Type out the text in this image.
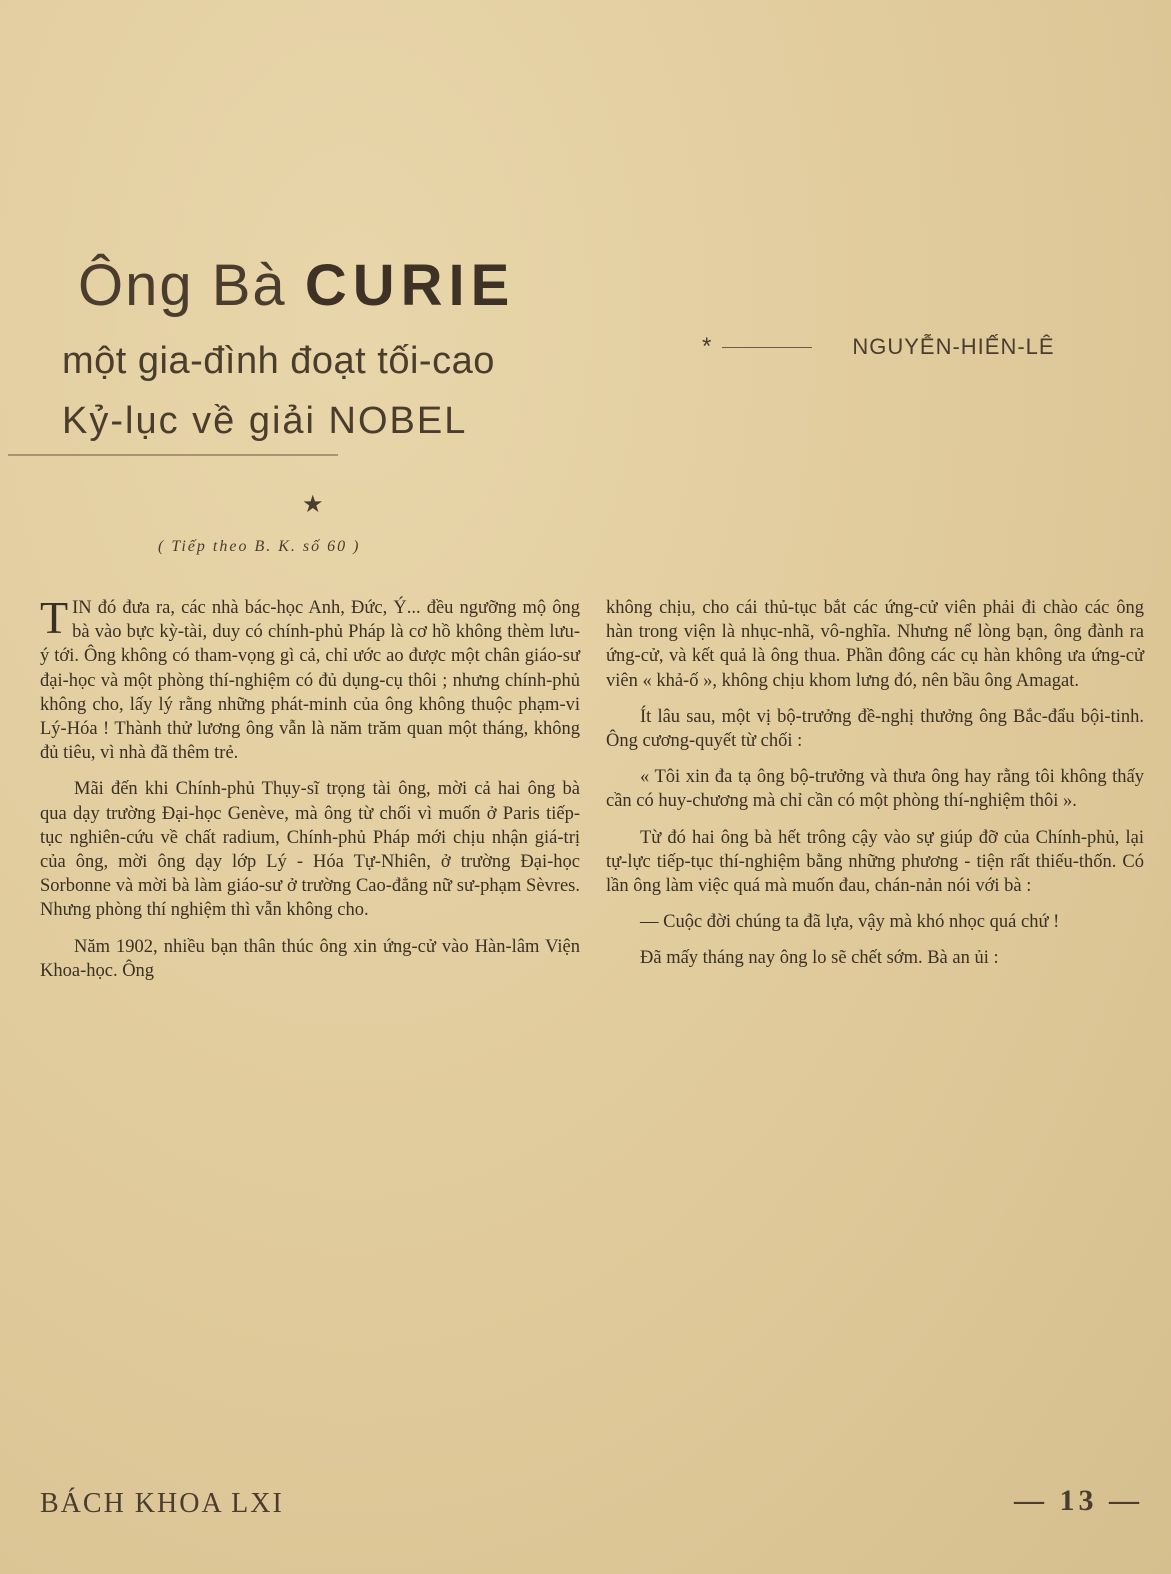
Ông Bà CURIE
một gia-đình đoạt tối-cao
Kỷ-lục về giải NOBEL
*	NGUYỄN-HIẾN-LÊ
★
( Tiếp theo B. K. số 60 )

TIN đó đưa ra, các nhà bác-học Anh, Đức, Ý... đều ngưỡng mộ ông bà vào bực kỳ-tài, duy có chính-phủ Pháp là cơ hồ không thèm lưu-ý tới. Ông không có tham-vọng gì cả, chỉ ước ao được một chân giáo-sư đại-học và một phòng thí-nghiệm có đủ dụng-cụ thôi ; nhưng chính-phủ không cho, lấy lý rằng những phát-minh của ông không thuộc phạm-vi Lý-Hóa ! Thành thử lương ông vẫn là năm trăm quan một tháng, không đủ tiêu, vì nhà đã thêm trẻ.

Mãi đến khi Chính-phủ Thụy-sĩ trọng tài ông, mời cả hai ông bà qua dạy trường Đại-học Genève, mà ông từ chối vì muốn ở Paris tiếp-tục nghiên-cứu về chất radium, Chính-phủ Pháp mới chịu nhận giá-trị của ông, mời ông dạy lớp Lý - Hóa Tự-Nhiên, ở trường Đại-học Sorbonne và mời bà làm giáo-sư ở trường Cao-đẳng nữ sư-phạm Sèvres. Nhưng phòng thí nghiệm thì vẫn không cho.

Năm 1902, nhiều bạn thân thúc ông xin ứng-cử vào Hàn-lâm Viện Khoa-học. Ông

không chịu, cho cái thủ-tục bắt các ứng-cử viên phải đi chào các ông hàn trong viện là nhục-nhã, vô-nghĩa. Nhưng nể lòng bạn, ông đành ra ứng-cử, và kết quả là ông thua. Phần đông các cụ hàn không ưa ứng-cử viên « khả-ố », không chịu khom lưng đó, nên bầu ông Amagat.

Ít lâu sau, một vị bộ-trưởng đề-nghị thưởng ông Bắc-đẩu bội-tinh. Ông cương-quyết từ chối :

« Tôi xin đa tạ ông bộ-trưởng và thưa ông hay rằng tôi không thấy cần có huy-chương mà chỉ cần có một phòng thí-nghiệm thôi ».

Từ đó hai ông bà hết trông cậy vào sự giúp đỡ của Chính-phủ, lại tự-lực tiếp-tục thí-nghiệm bằng những phương - tiện rất thiếu-thốn. Có lần ông làm việc quá mà muốn đau, chán-nản nói với bà :

— Cuộc đời chúng ta đã lựa, vậy mà khó nhọc quá chứ !

Đã mấy tháng nay ông lo sẽ chết sớm. Bà an ủi :

BÁCH KHOA LXI	— 13 —
